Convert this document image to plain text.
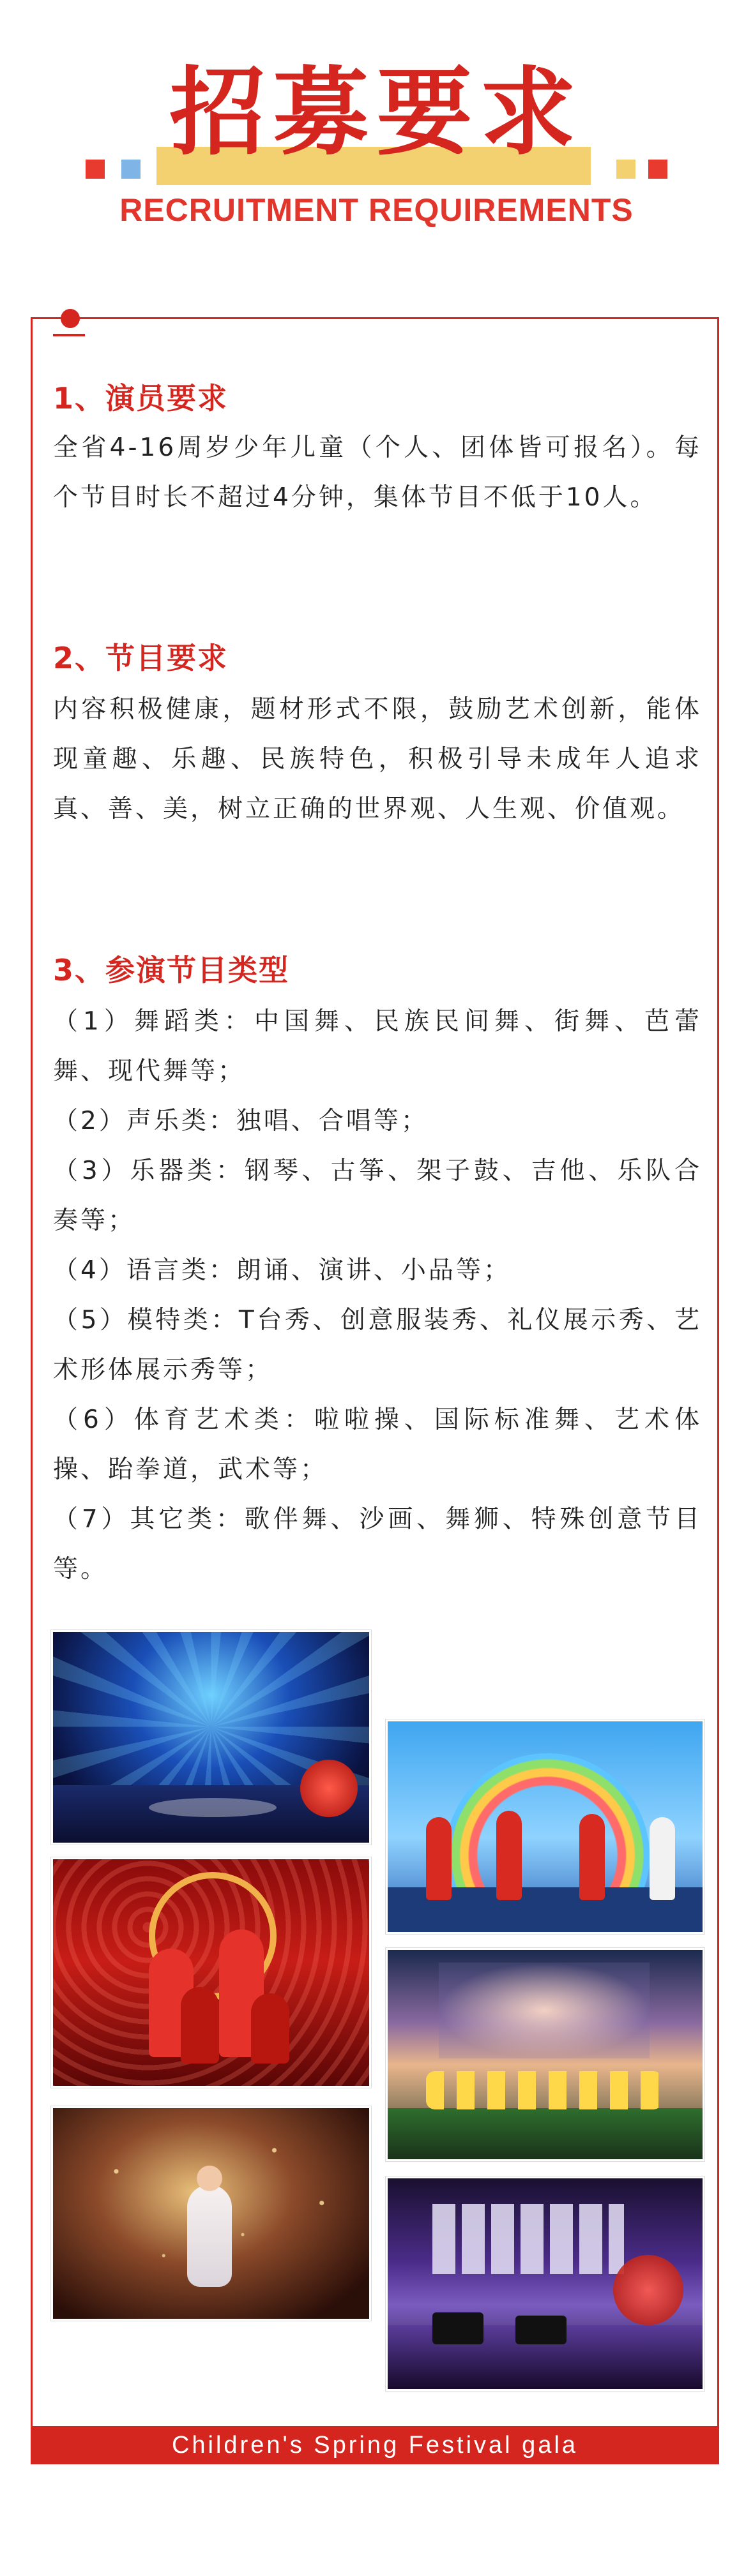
招募要求
RECRUITMENT REQUIREMENTS
1、演员要求
全省4-16周岁少年儿童（个人、团体皆可报名）。每个节目时长不超过4分钟，集体节目不低于10人。
2、节目要求
内容积极健康，题材形式不限，鼓励艺术创新，能体现童趣、乐趣、民族特色，积极引导未成年人追求真、善、美，树立正确的世界观、人生观、价值观。
3、参演节目类型
（1）舞蹈类：中国舞、民族民间舞、街舞、芭蕾舞、现代舞等；
（2）声乐类：独唱、合唱等；
（3）乐器类：钢琴、古筝、架子鼓、吉他、乐队合奏等；
（4）语言类：朗诵、演讲、小品等；
（5）模特类：T台秀、创意服装秀、礼仪展示秀、艺术形体展示秀等；
（6）体育艺术类：啦啦操、国际标准舞、艺术体操、跆拳道，武术等；
（7）其它类：歌伴舞、沙画、舞狮、特殊创意节目等。
Children's Spring Festival gala
